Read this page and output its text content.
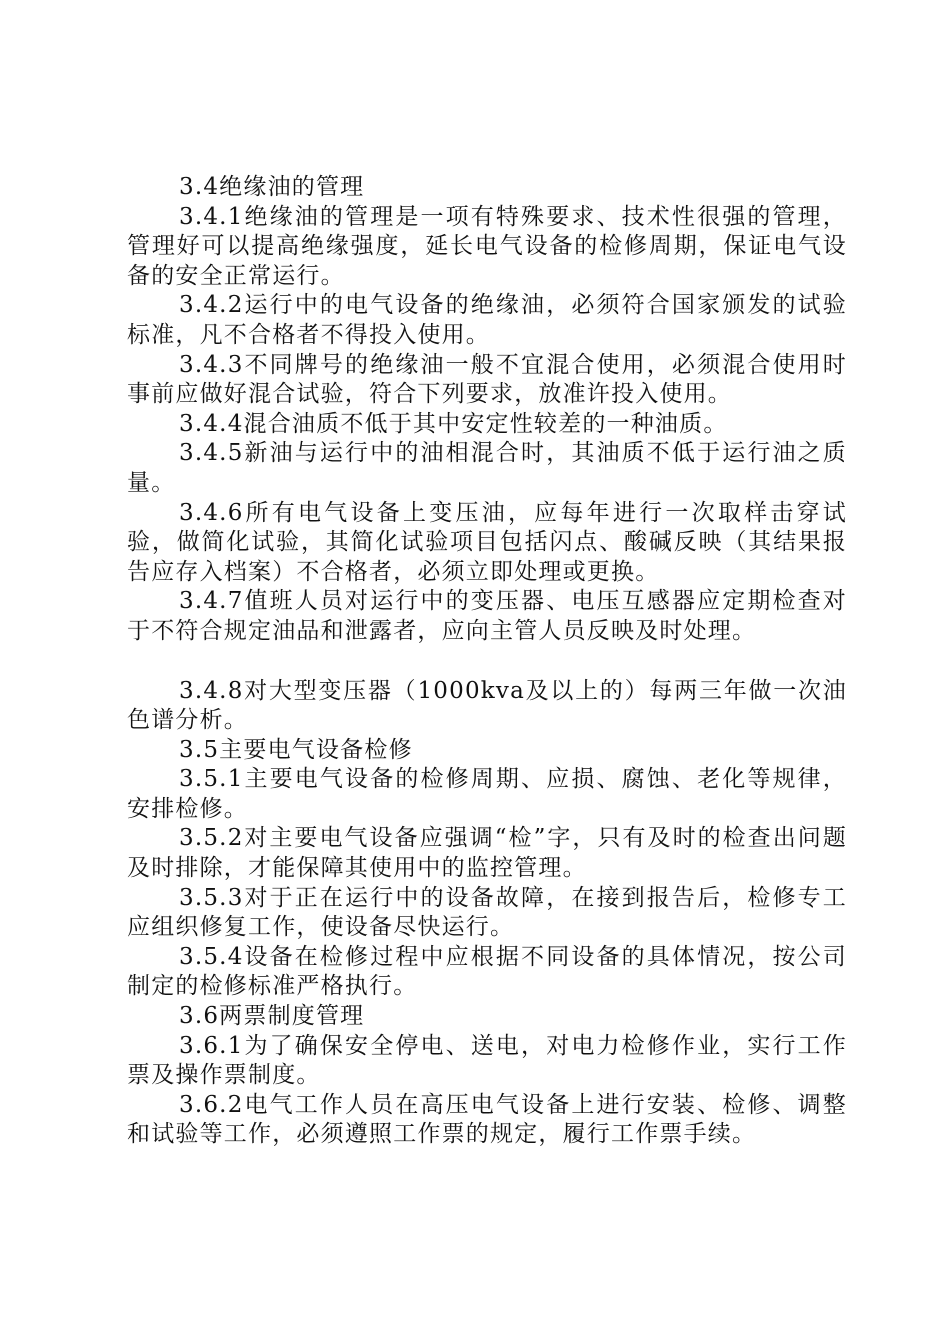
3.4绝缘油的管理

3.4.1绝缘油的管理是一项有特殊要求、技术性很强的管理，管理好可以提高绝缘强度，延长电气设备的检修周期，保证电气设备的安全正常运行。

3.4.2运行中的电气设备的绝缘油，必须符合国家颁发的试验标准，凡不合格者不得投入使用。

3.4.3不同牌号的绝缘油一般不宜混合使用，必须混合使用时事前应做好混合试验，符合下列要求，放准许投入使用。

3.4.4混合油质不低于其中安定性较差的一种油质。

3.4.5新油与运行中的油相混合时，其油质不低于运行油之质量。

3.4.6所有电气设备上变压油，应每年进行一次取样击穿试验，做简化试验，其简化试验项目包括闪点、酸碱反映（其结果报告应存入档案）不合格者，必须立即处理或更换。

3.4.7值班人员对运行中的变压器、电压互感器应定期检查对于不符合规定油品和泄露者，应向主管人员反映及时处理。

3.4.8对大型变压器（1000kva及以上的）每两三年做一次油色谱分析。

3.5主要电气设备检修

3.5.1主要电气设备的检修周期、应损、腐蚀、老化等规律，安排检修。

3.5.2对主要电气设备应强调“检”字，只有及时的检查出问题及时排除，才能保障其使用中的监控管理。

3.5.3对于正在运行中的设备故障，在接到报告后，检修专工应组织修复工作，使设备尽快运行。

3.5.4设备在检修过程中应根据不同设备的具体情况，按公司制定的检修标准严格执行。

3.6两票制度管理

3.6.1为了确保安全停电、送电，对电力检修作业，实行工作票及操作票制度。

3.6.2电气工作人员在高压电气设备上进行安装、检修、调整和试验等工作，必须遵照工作票的规定，履行工作票手续。
